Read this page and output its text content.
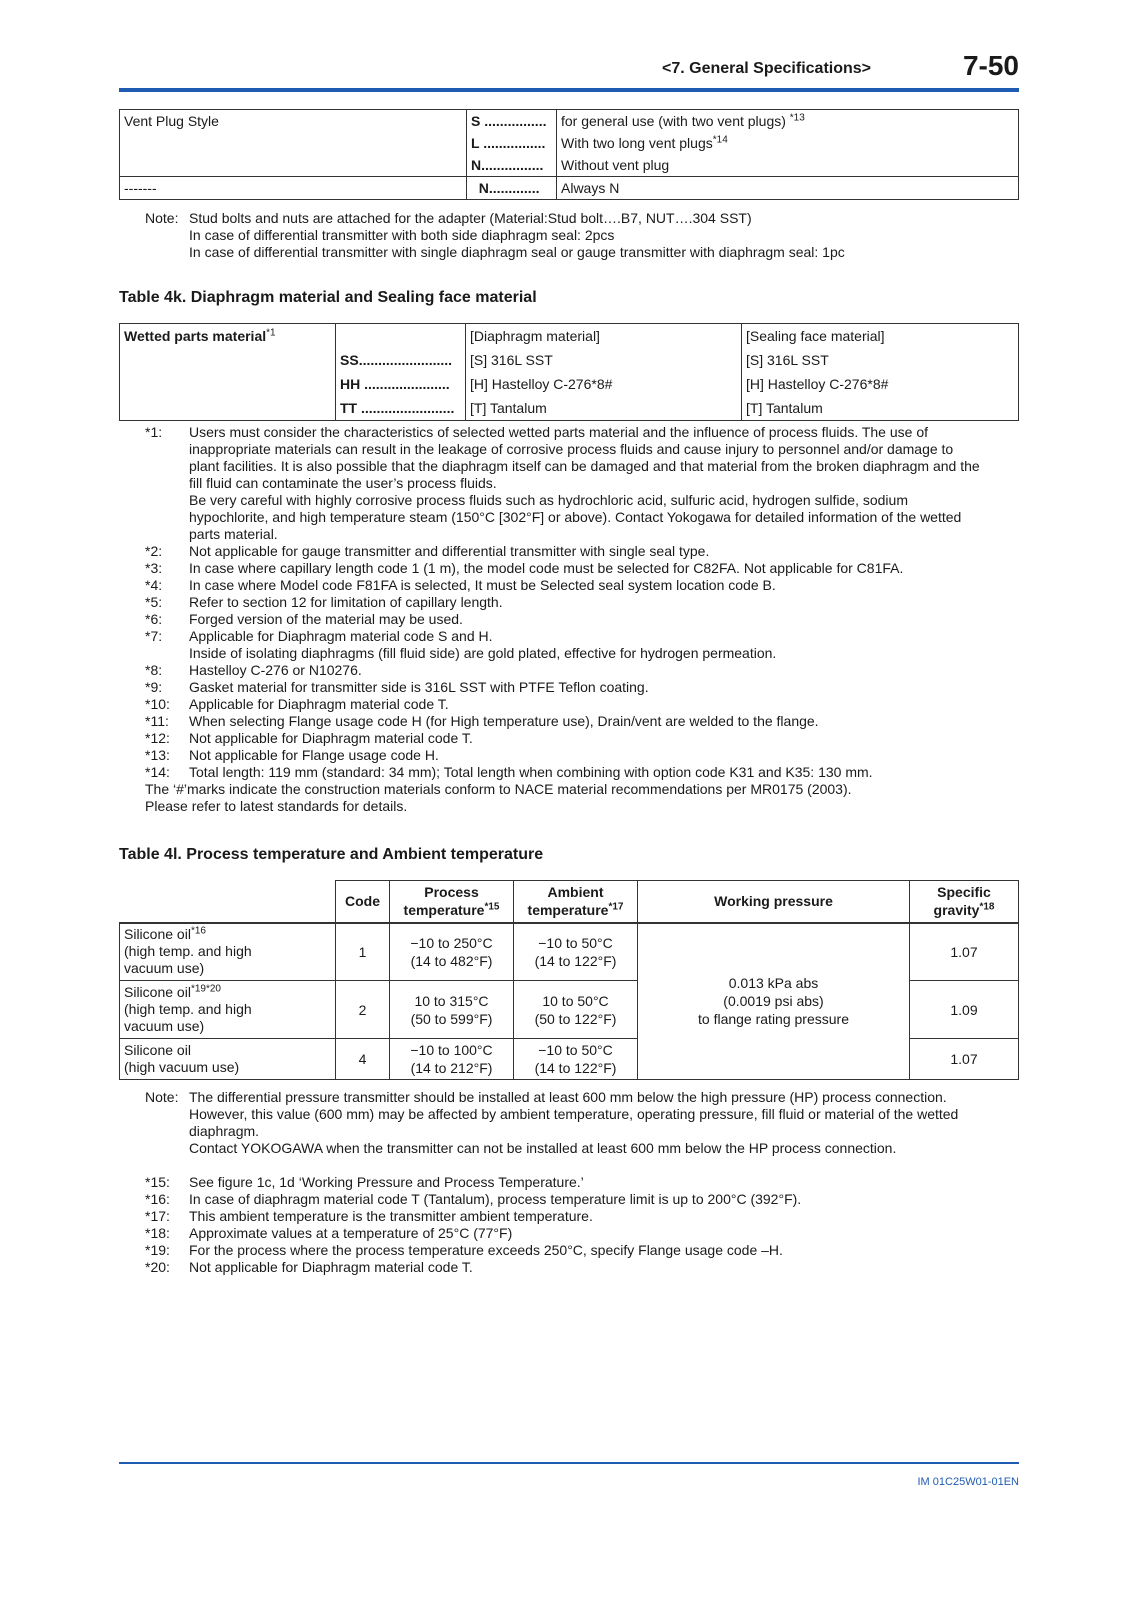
<7. General Specifications>	7-50
Vent Plug Style	S ................	for general use (with two vent plugs) $^{*13}$
	L ................	With two long vent plugs$^{*14}$
	N................	Without vent plug
-------	N.............	Always N
Note: Stud bolts and nuts are attached for the adapter (Material:Stud bolt….B7, NUT….304 SST)
In case of differential transmitter with both side diaphragm seal: 2pcs
In case of differential transmitter with single diaphragm seal or gauge transmitter with diaphragm seal: 1pc
Table 4k. Diaphragm material and Sealing face material
Wetted parts material$^{*1}$		[Diaphragm material]	[Sealing face material]
	SS........................	[S] 316L SST	[S] 316L SST
	HH ......................	[H] Hastelloy C-276*8#	[H] Hastelloy C-276*8#
	TT ........................	[T] Tantalum	[T] Tantalum
*1:	Users must consider the characteristics of selected wetted parts material and the influence of process fluids. The use of inappropriate materials can result in the leakage of corrosive process fluids and cause injury to personnel and/or damage to plant facilities. It is also possible that the diaphragm itself can be damaged and that material from the broken diaphragm and the fill fluid can contaminate the user’s process fluids.
Be very careful with highly corrosive process fluids such as hydrochloric acid, sulfuric acid, hydrogen sulfide, sodium hypochlorite, and high temperature steam (150°C [302°F] or above). Contact Yokogawa for detailed information of the wetted parts material.
*2:	Not applicable for gauge transmitter and differential transmitter with single seal type.
*3:	In case where capillary length code 1 (1 m), the model code must be selected for C82FA. Not applicable for C81FA.
*4:	In case where Model code F81FA is selected, It must be Selected seal system location code B.
*5:	Refer to section 12 for limitation of capillary length.
*6:	Forged version of the material may be used.
*7:	Applicable for Diaphragm material code S and H.
Inside of isolating diaphragms (fill fluid side) are gold plated, effective for hydrogen permeation.
*8:	Hastelloy C-276 or N10276.
*9:	Gasket material for transmitter side is 316L SST with PTFE Teflon coating.
*10:	Applicable for Diaphragm material code T.
*11:	When selecting Flange usage code H (for High temperature use), Drain/vent are welded to the flange.
*12:	Not applicable for Diaphragm material code T.
*13:	Not applicable for Flange usage code H.
*14:	Total length: 119 mm (standard: 34 mm); Total length when combining with option code K31 and K35: 130 mm.
The ‘#’marks indicate the construction materials conform to NACE material recommendations per MR0175 (2003).
Please refer to latest standards for details.
Table 4l. Process temperature and Ambient temperature
	Code	Process
temperature$^{*15}$	Ambient
temperature$^{*17}$	Working pressure	Specific
gravity$^{*18}$
Silicone oil$^{*16}$
(high temp. and high
vacuum use)	1	−10 to 250°C
(14 to 482°F)	−10 to 50°C
(14 to 122°F)	0.013 kPa abs
(0.0019 psi abs)
to flange rating pressure	1.07
Silicone oil$^{*19*20}$
(high temp. and high
vacuum use)	2	10 to 315°C
(50 to 599°F)	10 to 50°C
(50 to 122°F)		1.09
Silicone oil
(high vacuum use)	4	−10 to 100°C
(14 to 212°F)	−10 to 50°C
(14 to 122°F)		1.07
Note: The differential pressure transmitter should be installed at least 600 mm below the high pressure (HP) process connection. However, this value (600 mm) may be affected by ambient temperature, operating pressure, fill fluid or material of the wetted diaphragm.
Contact YOKOGAWA when the transmitter can not be installed at least 600 mm below the HP process connection.
*15:	See figure 1c, 1d ‘Working Pressure and Process Temperature.’
*16:	In case of diaphragm material code T (Tantalum), process temperature limit is up to 200°C (392°F).
*17:	This ambient temperature is the transmitter ambient temperature.
*18:	Approximate values at a temperature of 25°C (77°F)
*19:	For the process where the process temperature exceeds 250°C, specify Flange usage code –H.
*20:	Not applicable for Diaphragm material code T.
IM 01C25W01-01EN
